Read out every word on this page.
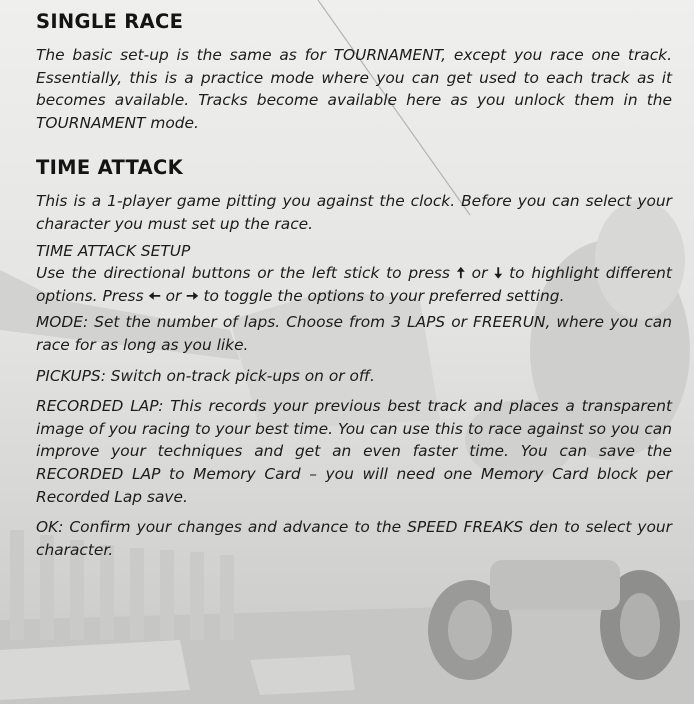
SINGLE RACE

The basic set-up is the same as for TOURNAMENT, except you race one track. Essentially, this is a practice mode where you can get used to each track as it becomes available. Tracks become available here as you unlock them in the TOURNAMENT mode.

TIME ATTACK

This is a 1-player game pitting you against the clock. Before you can select your character you must set up the race.

TIME ATTACK SETUP

Use the directional buttons or the left stick to press 🠅 or 🠇 to highlight different options. Press 🠄 or 🠆 to toggle the options to your preferred setting.

MODE: Set the number of laps. Choose from 3 LAPS or FREERUN, where you can race for as long as you like.

PICKUPS: Switch on-track pick-ups on or off.

RECORDED LAP: This records your previous best track and places a transparent image of you racing to your best time. You can use this to race against so you can improve your techniques and get an even faster time. You can save the RECORDED LAP to Memory Card – you will need one Memory Card block per Recorded Lap save.

OK: Confirm your changes and advance to the SPEED FREAKS den to select your character.
